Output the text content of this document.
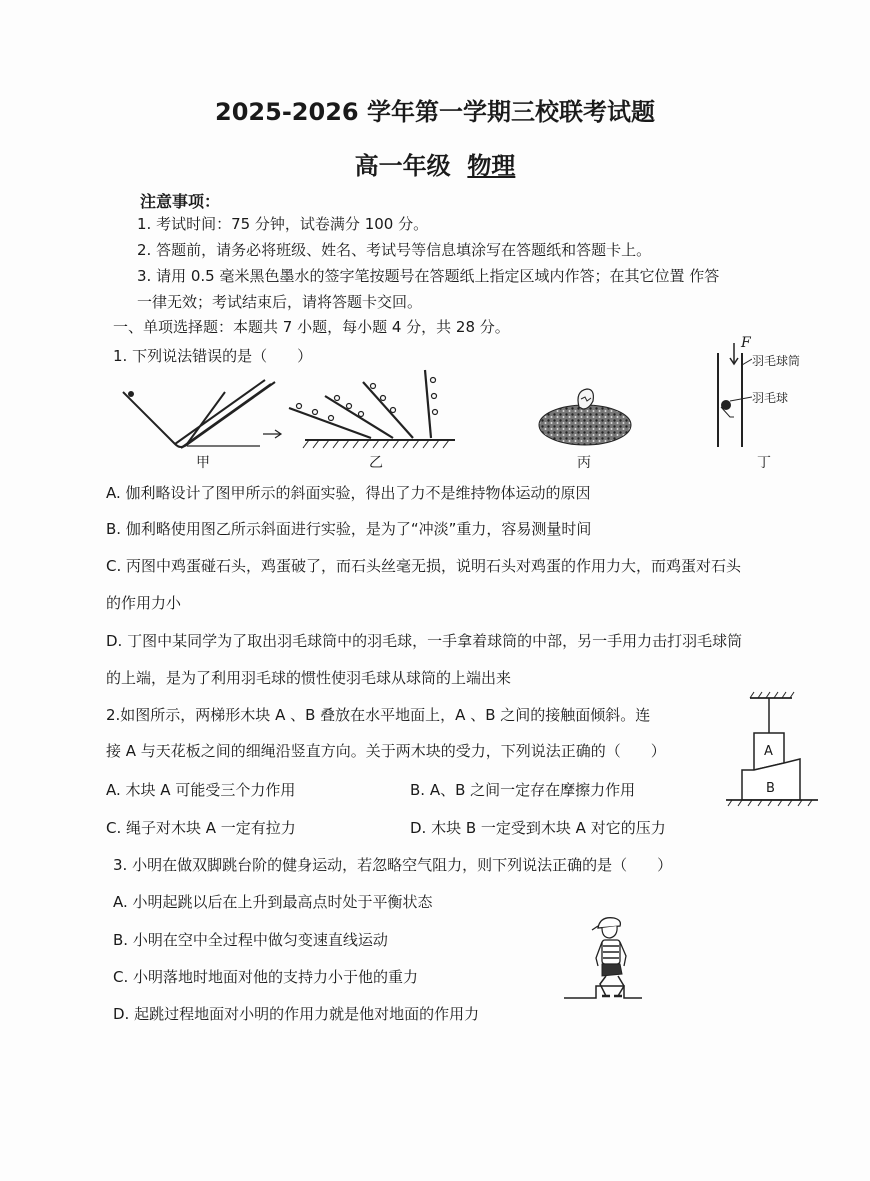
2025-2026 学年第一学期三校联考试题
高一年级 物理
注意事项：
1. 考试时间：75 分钟，试卷满分 100 分。
2. 答题前，请务必将班级、姓名、考试号等信息填涂写在答题纸和答题卡上。
3. 请用 0.5 毫米黑色墨水的签字笔按题号在答题纸上指定区域内作答；在其它位置 作答
一律无效；考试结束后，请将答题卡交回。
一、单项选择题：本题共 7 小题，每小题 4 分，共 28 分。
1. 下列说法错误的是（　　）
甲	乙	丙
F
羽毛球筒
羽毛球
丁
A. 伽利略设计了图甲所示的斜面实验，得出了力不是维持物体运动的原因
B. 伽利略使用图乙所示斜面进行实验，是为了“冲淡”重力，容易测量时间
C. 丙图中鸡蛋碰石头，鸡蛋破了，而石头丝毫无损，说明石头对鸡蛋的作用力大，而鸡蛋对石头
的作用力小
D. 丁图中某同学为了取出羽毛球筒中的羽毛球，一手拿着球筒的中部，另一手用力击打羽毛球筒
的上端，是为了利用羽毛球的惯性使羽毛球从球筒的上端出来
2.如图所示，两梯形木块 A 、B 叠放在水平地面上，A 、B 之间的接触面倾斜。连
接 A 与天花板之间的细绳沿竖直方向。关于两木块的受力，下列说法正确的（　　）
A. 木块 A 可能受三个力作用	B. A、B 之间一定存在摩擦力作用
C. 绳子对木块 A 一定有拉力	D. 木块 B 一定受到木块 A 对它的压力
A
B
3. 小明在做双脚跳台阶的健身运动，若忽略空气阻力，则下列说法正确的是（　　）
A. 小明起跳以后在上升到最高点时处于平衡状态
B. 小明在空中全过程中做匀变速直线运动
C. 小明落地时地面对他的支持力小于他的重力
D. 起跳过程地面对小明的作用力就是他对地面的作用力
